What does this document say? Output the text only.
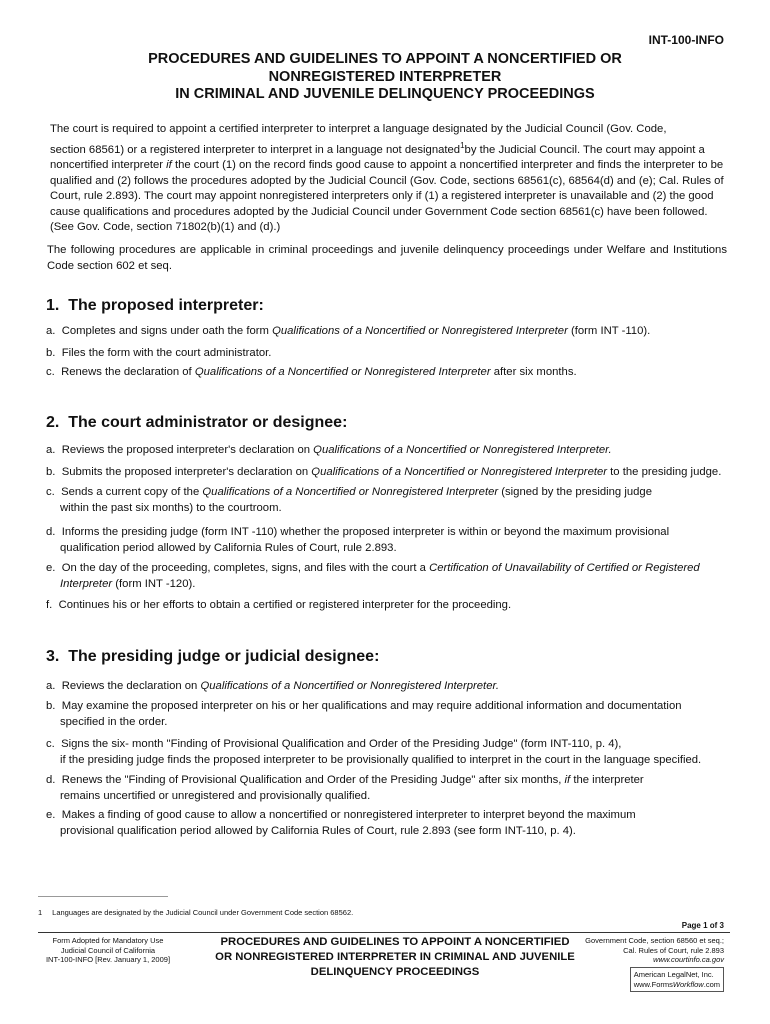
INT-100-INFO
PROCEDURES AND GUIDELINES TO APPOINT A NONCERTIFIED OR
NONREGISTERED INTERPRETER
IN CRIMINAL AND JUVENILE DELINQUENCY PROCEEDINGS
The court is required to appoint a certified interpreter to interpret a language designated by the Judicial Council (Gov. Code,
section 68561) or a registered interpreter to interpret in a language not designated$^1$by the Judicial Council. The court may appoint a
noncertified interpreter if the court (1) on the record finds good cause to appoint a noncertified interpreter and finds the interpreter to be
qualified and (2) follows the procedures adopted by the Judicial Council (Gov. Code, sections 68561(c), 68564(d) and (e); Cal. Rules of
Court, rule 2.893). The court may appoint nonregistered interpreters only if (1) a registered interpreter is unavailable and (2) the good
cause qualifications and procedures adopted by the Judicial Council under Government Code section 68561(c) have been followed.
(See Gov. Code, section 71802(b)(1) and (d).)
The following procedures are applicable in criminal proceedings and juvenile delinquency proceedings under Welfare and Institutions Code section 602 et seq.
1. The proposed interpreter:
a. Completes and signs under oath the form Qualifications of a Noncertified or Nonregistered Interpreter (form INT -110).
b. Files the form with the court administrator.
c. Renews the declaration of Qualifications of a Noncertified or Nonregistered Interpreter after six months.
2. The court administrator or designee:
a. Reviews the proposed interpreter's declaration on Qualifications of a Noncertified or Nonregistered Interpreter.
b. Submits the proposed interpreter's declaration on Qualifications of a Noncertified or Nonregistered Interpreter to the presiding judge.
c. Sends a current copy of the Qualifications of a Noncertified or Nonregistered Interpreter (signed by the presiding judge
within the past six months) to the courtroom.
d. Informs the presiding judge (form INT -110) whether the proposed interpreter is within or beyond the maximum provisional
qualification period allowed by California Rules of Court, rule 2.893.
e. On the day of the proceeding, completes, signs, and files with the court a Certification of Unavailability of Certified or Registered
Interpreter (form INT -120).
f. Continues his or her efforts to obtain a certified or registered interpreter for the proceeding.
3. The presiding judge or judicial designee:
a. Reviews the declaration on Qualifications of a Noncertified or Nonregistered Interpreter.
b. May examine the proposed interpreter on his or her qualifications and may require additional information and documentation
specified in the order.
c. Signs the six- month "Finding of Provisional Qualification and Order of the Presiding Judge" (form INT-110, p. 4),
if the presiding judge finds the proposed interpreter to be provisionally qualified to interpret in the court in the language specified.
d. Renews the "Finding of Provisional Qualification and Order of the Presiding Judge" after six months, if the interpreter
remains uncertified or unregistered and provisionally qualified.
e. Makes a finding of good cause to allow a noncertified or nonregistered interpreter to interpret beyond the maximum
provisional qualification period allowed by California Rules of Court, rule 2.893 (see form INT-110, p. 4).
1 Languages are designated by the Judicial Council under Government Code section 68562.
Page 1 of 3
Form Adopted for Mandatory Use
Judicial Council of California
INT-100-INFO [Rev. January 1, 2009]
PROCEDURES AND GUIDELINES TO APPOINT A NONCERTIFIED
OR NONREGISTERED INTERPRETER IN CRIMINAL AND JUVENILE
DELINQUENCY PROCEEDINGS
Government Code, section 68560 et seq.;
Cal. Rules of Court, rule 2.893
www.courtinfo.ca.gov
American LegalNet, Inc.
www.FormsWorkflow.com
